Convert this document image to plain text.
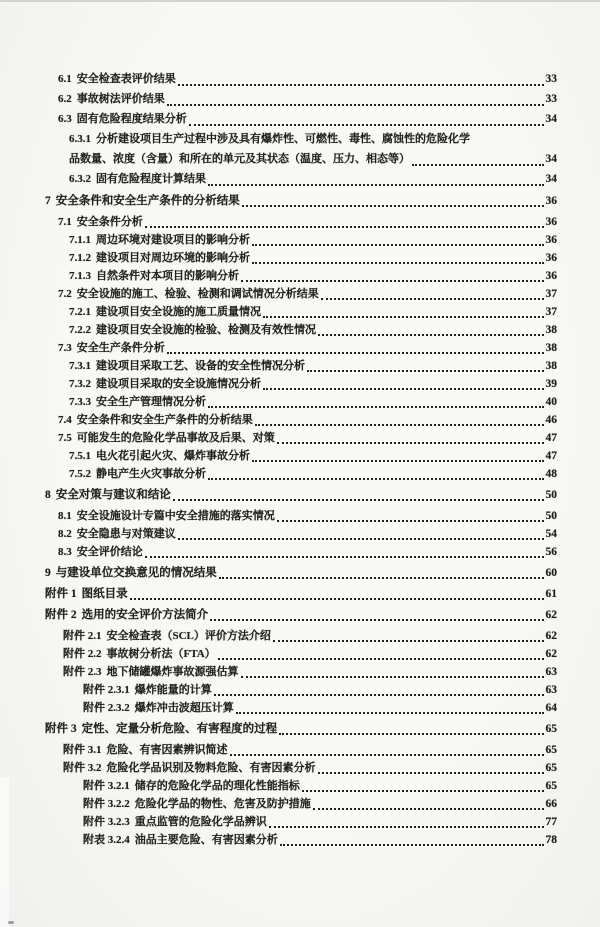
6.1 安全检查表评价结果	33
6.2 事故树法评价结果	33
6.3 固有危险程度结果分析	34
6.3.1 分析建设项目生产过程中涉及具有爆炸性、可燃性、毒性、腐蚀性的危险化学
品数量、浓度（含量）和所在的单元及其状态（温度、压力、相态等）	34
6.3.2 固有危险程度计算结果	34
7 安全条件和安全生产条件的分析结果	36
7.1 安全条件分析	36
7.1.1 周边环境对建设项目的影响分析	36
7.1.2 建设项目对周边环境的影响分析	36
7.1.3 自然条件对本项目的影响分析	36
7.2 安全设施的施工、检验、检测和调试情况分析结果	37
7.2.1 建设项目安全设施的施工质量情况	37
7.2.2 建设项目安全设施的检验、检测及有效性情况	38
7.3 安全生产条件分析	38
7.3.1 建设项目采取工艺、设备的安全性情况分析	38
7.3.2 建设项目采取的安全设施情况分析	39
7.3.3 安全生产管理情况分析	40
7.4 安全条件和安全生产条件的分析结果	46
7.5 可能发生的危险化学品事故及后果、对策	47
7.5.1 电火花引起火灾、爆炸事故分析	47
7.5.2 静电产生火灾事故分析	48
8 安全对策与建议和结论	50
8.1 安全设施设计专篇中安全措施的落实情况	50
8.2 安全隐患与对策建议	54
8.3 安全评价结论	56
9 与建设单位交换意见的情况结果	60
附件 1 图纸目录	61
附件 2 选用的安全评价方法简介	62
附件 2.1 安全检查表（SCL）评价方法介绍	62
附件 2.2 事故树分析法（FTA）	62
附件 2.3 地下储罐爆炸事故源强估算	63
附件 2.3.1 爆炸能量的计算	63
附件 2.3.2 爆炸冲击波超压计算	64
附件 3 定性、定量分析危险、有害程度的过程	65
附件 3.1 危险、有害因素辨识简述	65
附件 3.2 危险化学品识别及物料危险、有害因素分析	65
附件 3.2.1 储存的危险化学品的理化性能指标	65
附件 3.2.2 危险化学品的物性、危害及防护措施	66
附件 3.2.3 重点监管的危险化学品辨识	77
附表 3.2.4 油品主要危险、有害因素分析	78
